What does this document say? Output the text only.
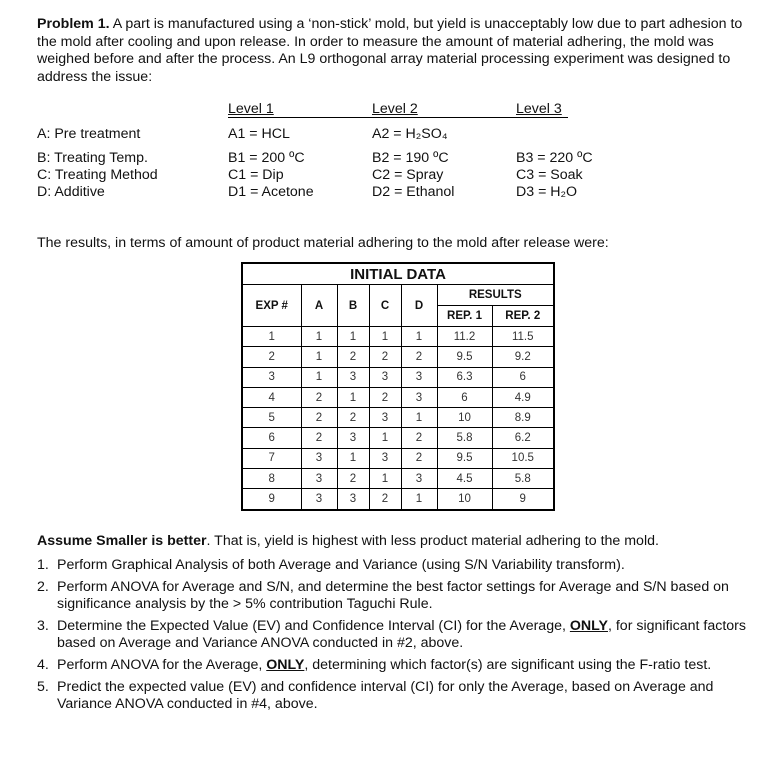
Problem 1. A part is manufactured using a ‘non-stick’ mold, but yield is unacceptably low due to part adhesion to the mold after cooling and upon release. In order to measure the amount of material adhering, the mold was weighed before and after the process. An L9 orthogonal array material processing experiment was designed to address the issue:
Level 1	Level 2	Level 3
A: Pre treatment	A1 = HCL	A2 = H₂SO₄
B: Treating Temp.	B1 = 200 ºC	B2 = 190 ºC	B3 = 220 ºC
C: Treating Method	C1 = Dip	C2 = Spray	C3 = Soak
D: Additive	D1 = Acetone	D2 = Ethanol	D3 = H₂O
The results, in terms of amount of product material adhering to the mold after release were:
INITIAL DATA						
EXP #	A	B	C	D	RESULTS	
					REP. 1	REP. 2
1	1	1	1	1	11.2	11.5
2	1	2	2	2	9.5	9.2
3	1	3	3	3	6.3	6
4	2	1	2	3	6	4.9
5	2	2	3	1	10	8.9
6	2	3	1	2	5.8	6.2
7	3	1	3	2	9.5	10.5
8	3	2	1	3	4.5	5.8
9	3	3	2	1	10	9
Assume Smaller is better. That is, yield is highest with less product material adhering to the mold.
1. Perform Graphical Analysis of both Average and Variance (using S/N Variability transform).
2. Perform ANOVA for Average and S/N, and determine the best factor settings for Average and S/N based on significance analysis by the > 5% contribution Taguchi Rule.
3. Determine the Expected Value (EV) and Confidence Interval (CI) for the Average, ONLY, for significant factors based on Average and Variance ANOVA conducted in #2, above.
4. Perform ANOVA for the Average, ONLY, determining which factor(s) are significant using the F-ratio test.
5. Predict the expected value (EV) and confidence interval (CI) for only the Average, based on Average and Variance ANOVA conducted in #4, above.
